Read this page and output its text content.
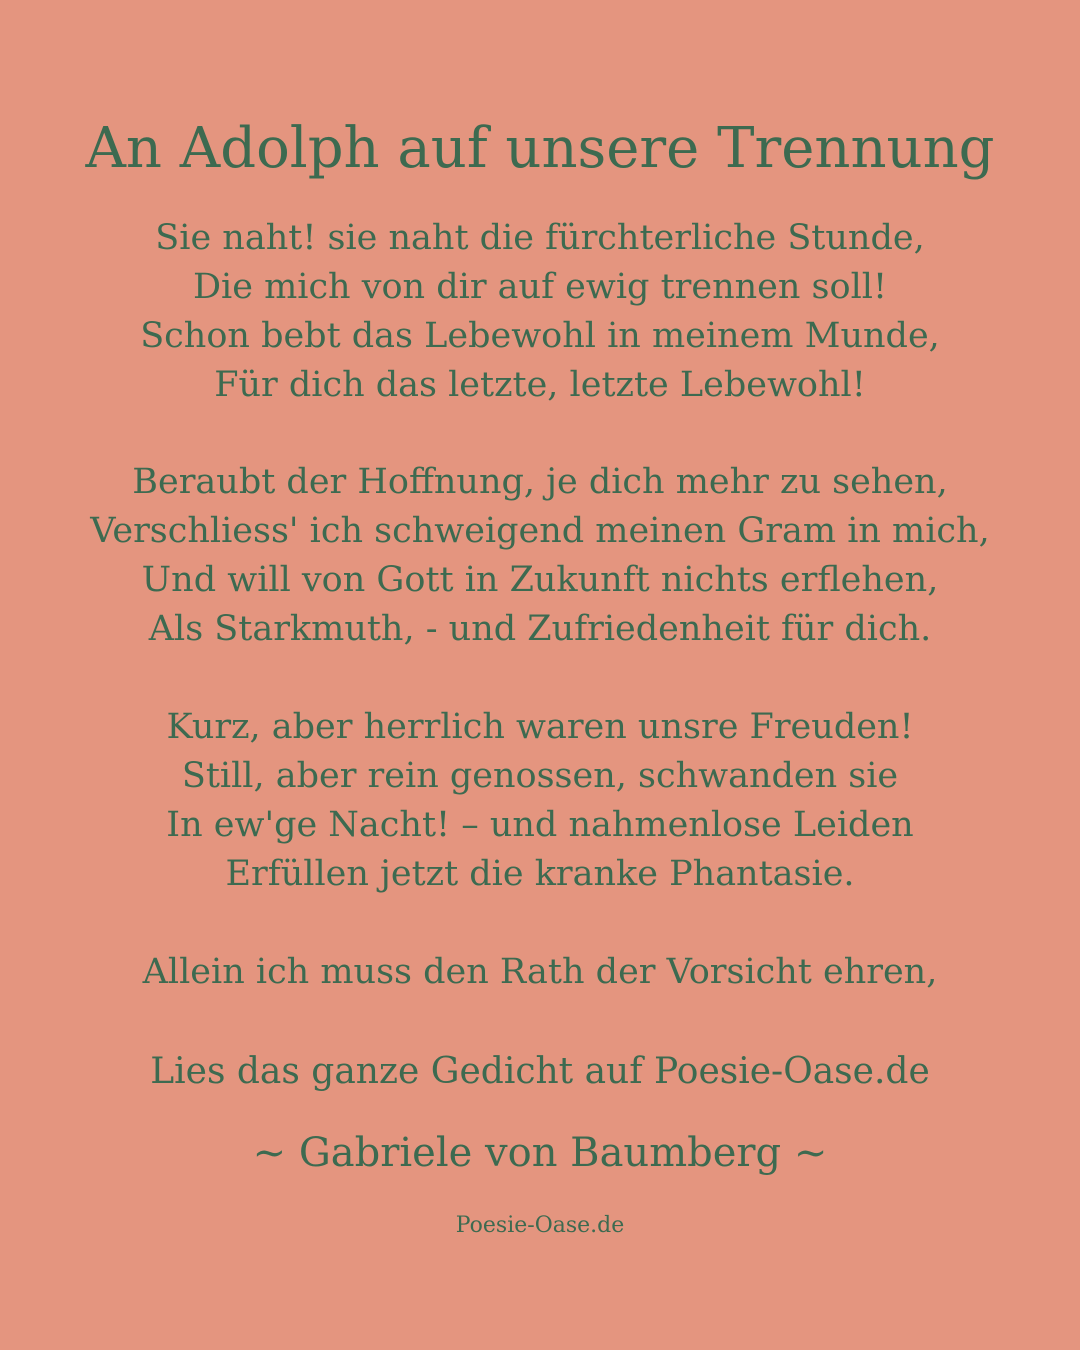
An Adolph auf unsere Trennung
Sie naht! sie naht die fürchterliche Stunde,
Die mich von dir auf ewig trennen soll!
Schon bebt das Lebewohl in meinem Munde,
Für dich das letzte, letzte Lebewohl!
Beraubt der Hoffnung, je dich mehr zu sehen,
Verschliess' ich schweigend meinen Gram in mich,
Und will von Gott in Zukunft nichts erflehen,
Als Starkmuth, - und Zufriedenheit für dich.
Kurz, aber herrlich waren unsre Freuden!
Still, aber rein genossen, schwanden sie
In ew'ge Nacht! – und nahmenlose Leiden
Erfüllen jetzt die kranke Phantasie.
Allein ich muss den Rath der Vorsicht ehren,
Lies das ganze Gedicht auf Poesie-Oase.de
~ Gabriele von Baumberg ~
Poesie-Oase.de
